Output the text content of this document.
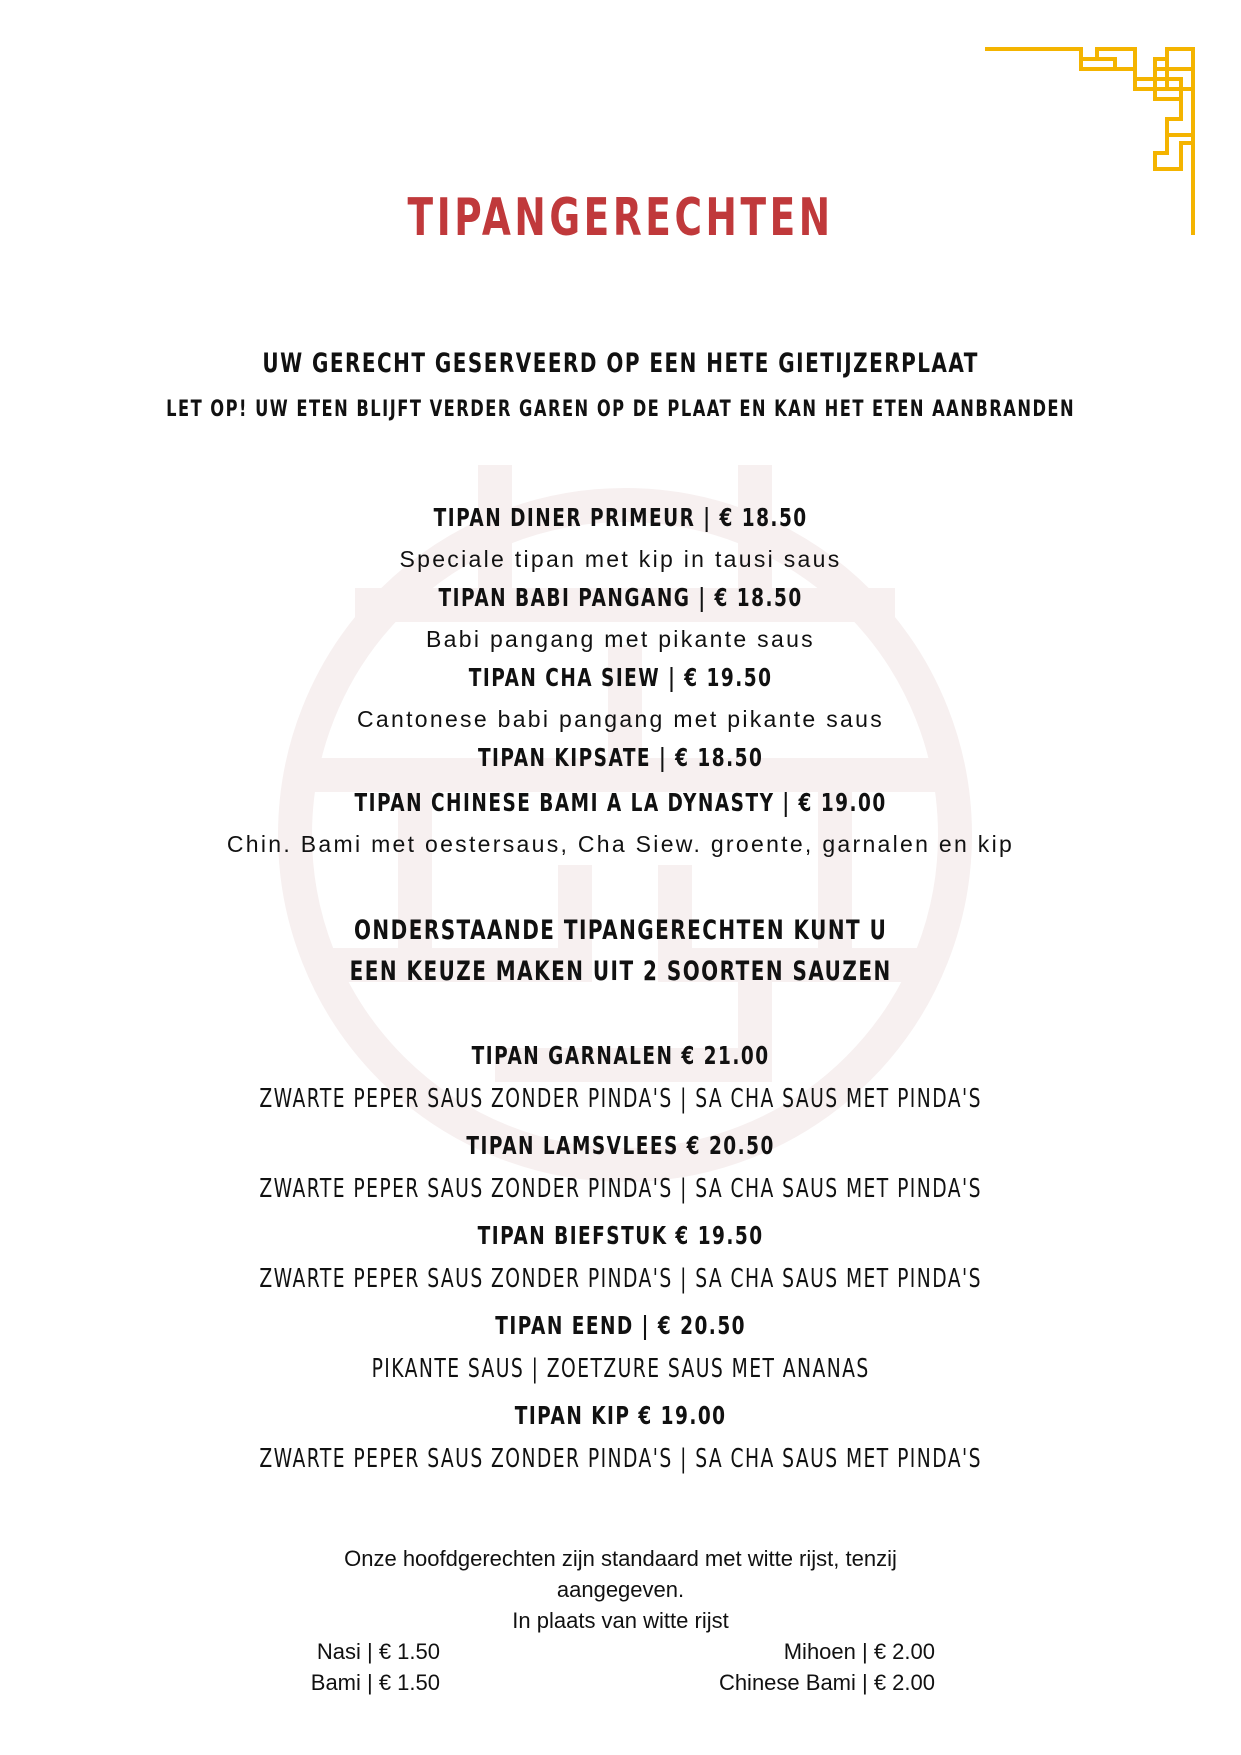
TIPANGERECHTEN
UW GERECHT GESERVEERD OP EEN HETE GIETIJZERPLAAT
LET OP! UW ETEN BLIJFT VERDER GAREN OP DE PLAAT EN KAN HET ETEN AANBRANDEN
TIPAN DINER PRIMEUR | € 18.50
Speciale tipan met kip in tausi saus
TIPAN BABI PANGANG | € 18.50
Babi pangang met pikante saus
TIPAN CHA SIEW | € 19.50
Cantonese babi pangang met pikante saus
TIPAN KIPSATE | € 18.50
TIPAN CHINESE BAMI A LA DYNASTY | € 19.00
Chin. Bami met oestersaus, Cha Siew. groente, garnalen en kip
ONDERSTAANDE TIPANGERECHTEN KUNT U
EEN KEUZE MAKEN UIT 2 SOORTEN SAUZEN
TIPAN GARNALEN € 21.00
ZWARTE PEPER SAUS ZONDER PINDA'S | SA CHA SAUS MET PINDA'S
TIPAN LAMSVLEES € 20.50
ZWARTE PEPER SAUS ZONDER PINDA'S | SA CHA SAUS MET PINDA'S
TIPAN BIEFSTUK € 19.50
ZWARTE PEPER SAUS ZONDER PINDA'S | SA CHA SAUS MET PINDA'S
TIPAN EEND | € 20.50
PIKANTE SAUS | ZOETZURE SAUS MET ANANAS
TIPAN KIP € 19.00
ZWARTE PEPER SAUS ZONDER PINDA'S | SA CHA SAUS MET PINDA'S
Onze hoofdgerechten zijn standaard met witte rijst, tenzij
aangegeven.
In plaats van witte rijst
Nasi | € 1.50	Mihoen | € 2.00
Bami | € 1.50	Chinese Bami | € 2.00
